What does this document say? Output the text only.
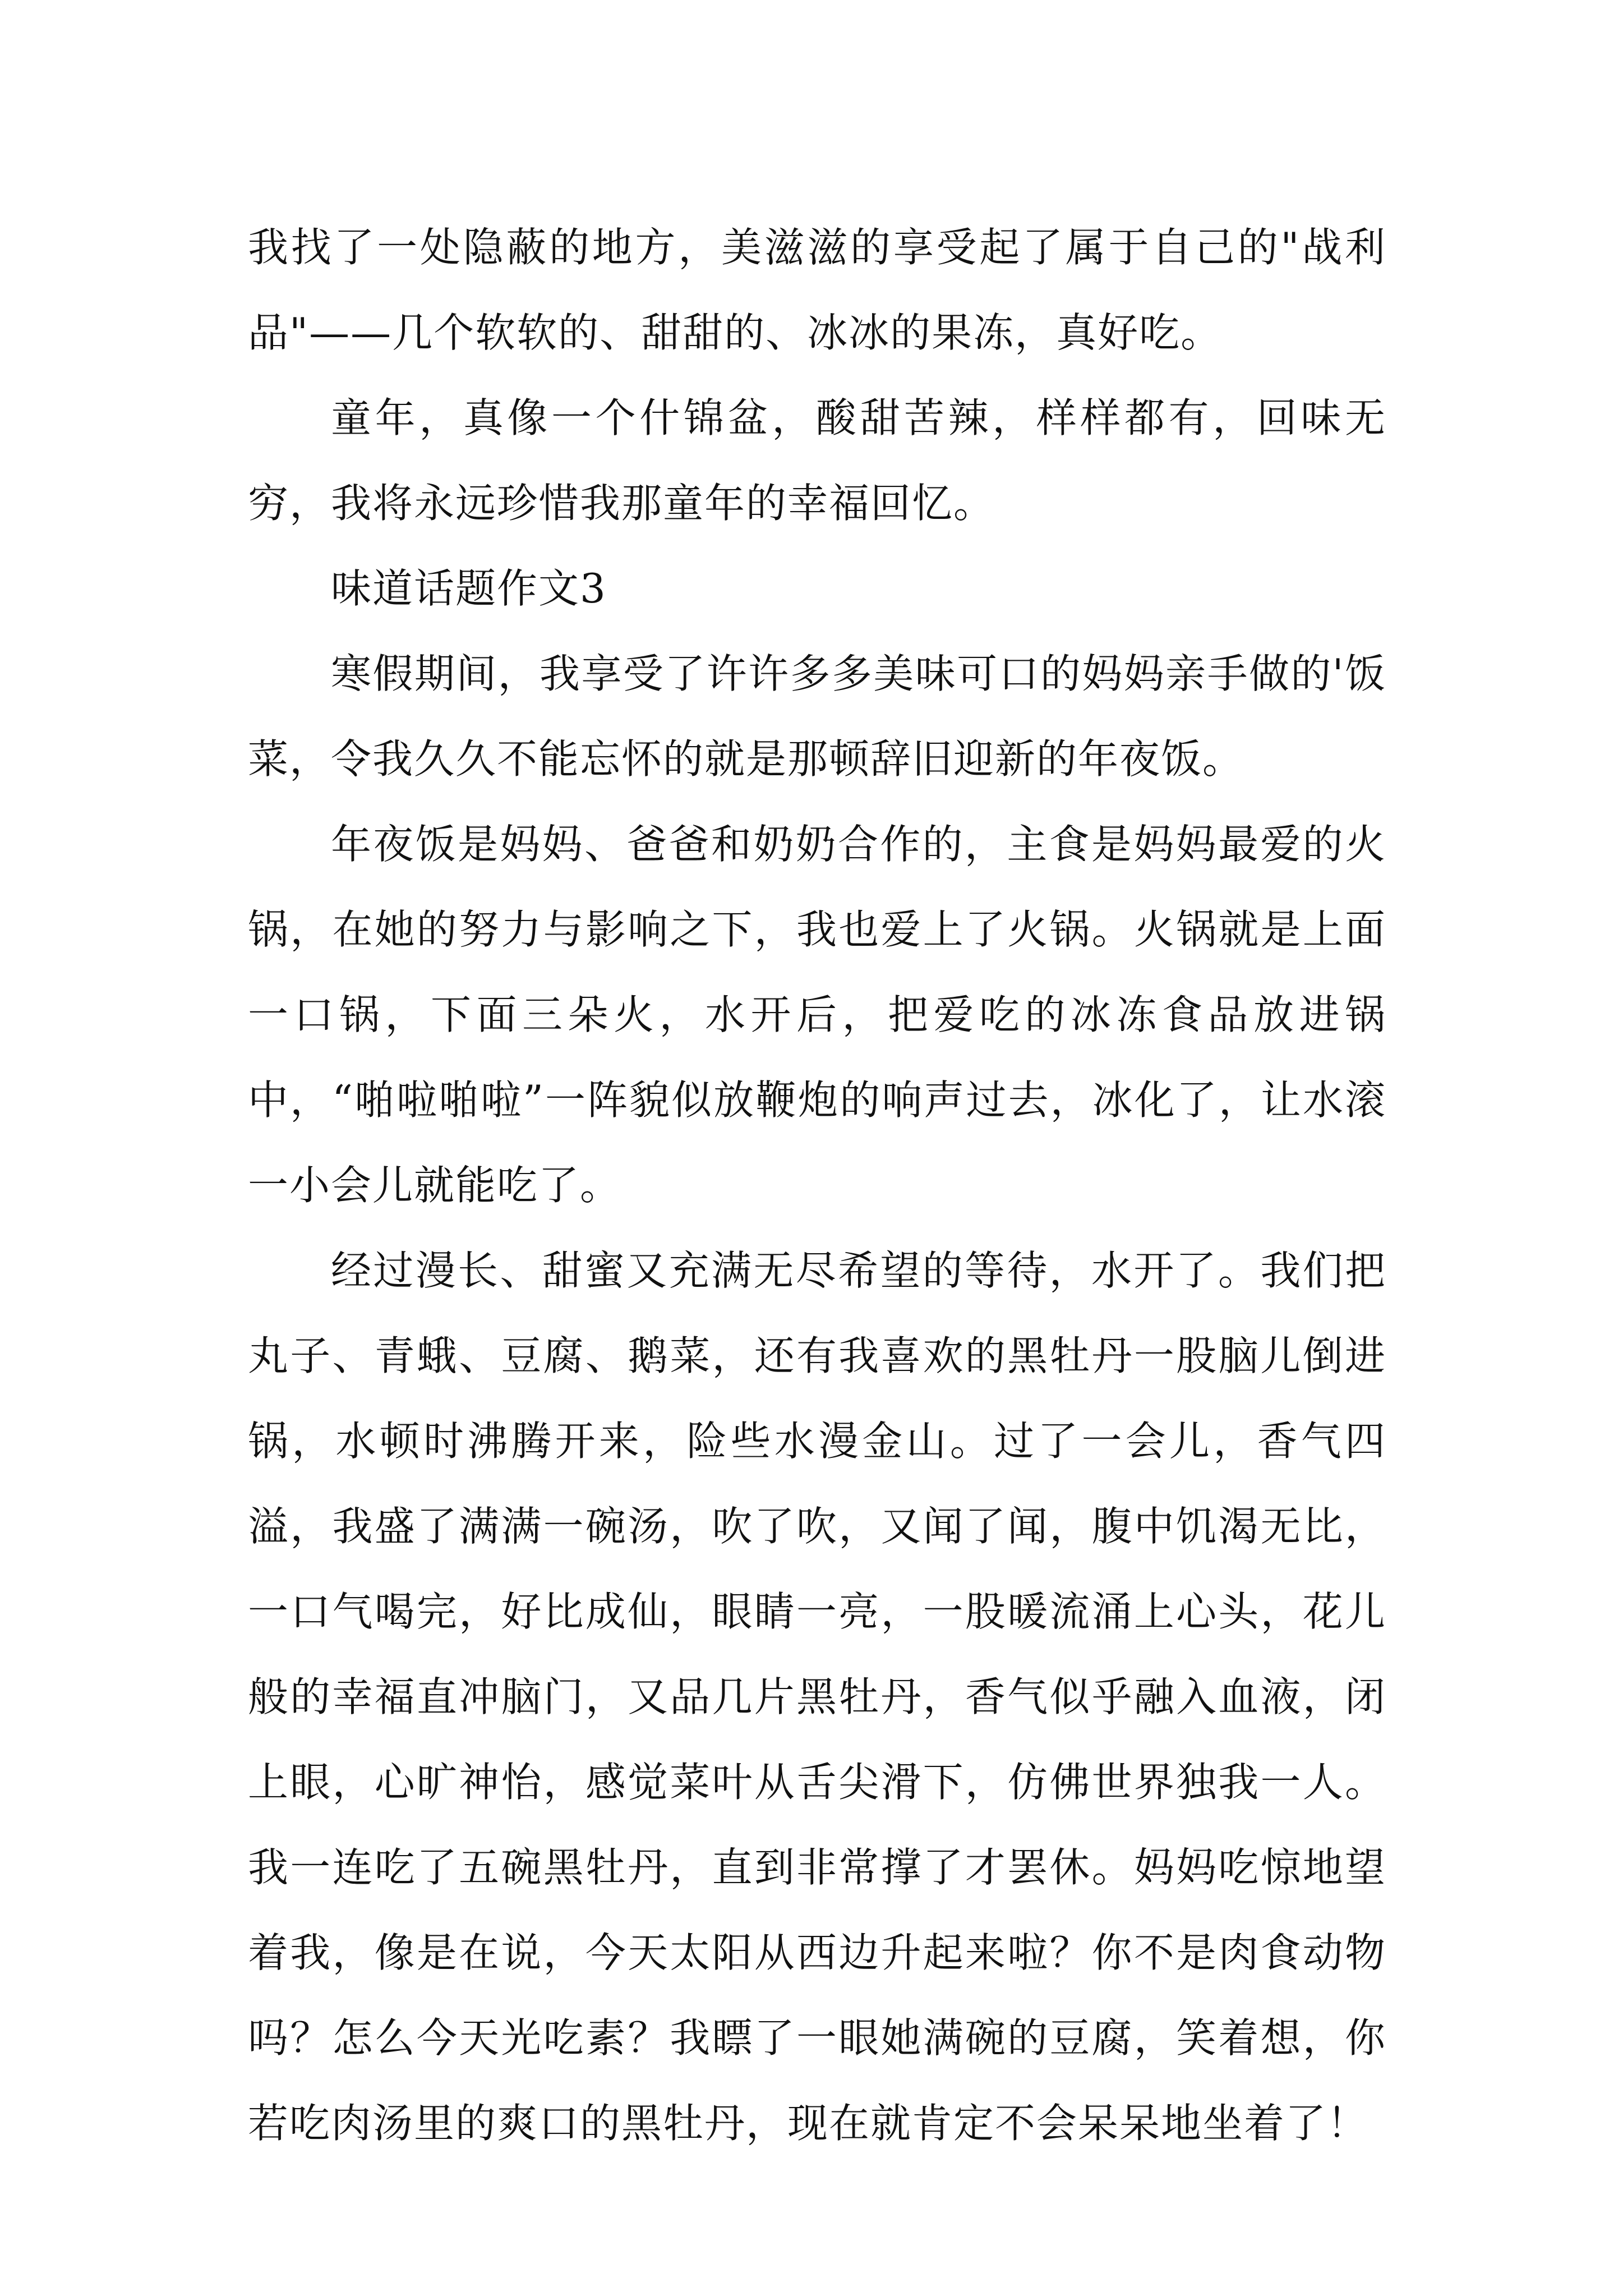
我找了一处隐蔽的地方，美滋滋的享受起了属于自己的"战利品"——几个软软的、甜甜的、冰冰的果冻，真好吃。

童年，真像一个什锦盆，酸甜苦辣，样样都有，回味无穷，我将永远珍惜我那童年的幸福回忆。

味道话题作文3

寒假期间，我享受了许许多多美味可口的妈妈亲手做的'饭菜，令我久久不能忘怀的就是那顿辞旧迎新的年夜饭。

年夜饭是妈妈、爸爸和奶奶合作的，主食是妈妈最爱的火锅，在她的努力与影响之下，我也爱上了火锅。火锅就是上面一口锅，下面三朵火，水开后，把爱吃的冰冻食品放进锅中，“啪啦啪啦”一阵貌似放鞭炮的响声过去，冰化了，让水滚一小会儿就能吃了。

经过漫长、甜蜜又充满无尽希望的等待，水开了。我们把丸子、青蛾、豆腐、鹅菜，还有我喜欢的黑牡丹一股脑儿倒进锅，水顿时沸腾开来，险些水漫金山。过了一会儿，香气四溢，我盛了满满一碗汤，吹了吹，又闻了闻，腹中饥渴无比，一口气喝完，好比成仙，眼睛一亮，一股暖流涌上心头，花儿般的幸福直冲脑门，又品几片黑牡丹，香气似乎融入血液，闭上眼，心旷神怡，感觉菜叶从舌尖滑下，仿佛世界独我一人。我一连吃了五碗黑牡丹，直到非常撑了才罢休。妈妈吃惊地望着我，像是在说，今天太阳从西边升起来啦？你不是肉食动物吗？怎么今天光吃素？我瞟了一眼她满碗的豆腐，笑着想，你若吃肉汤里的爽口的黑牡丹，现在就肯定不会呆呆地坐着了！
